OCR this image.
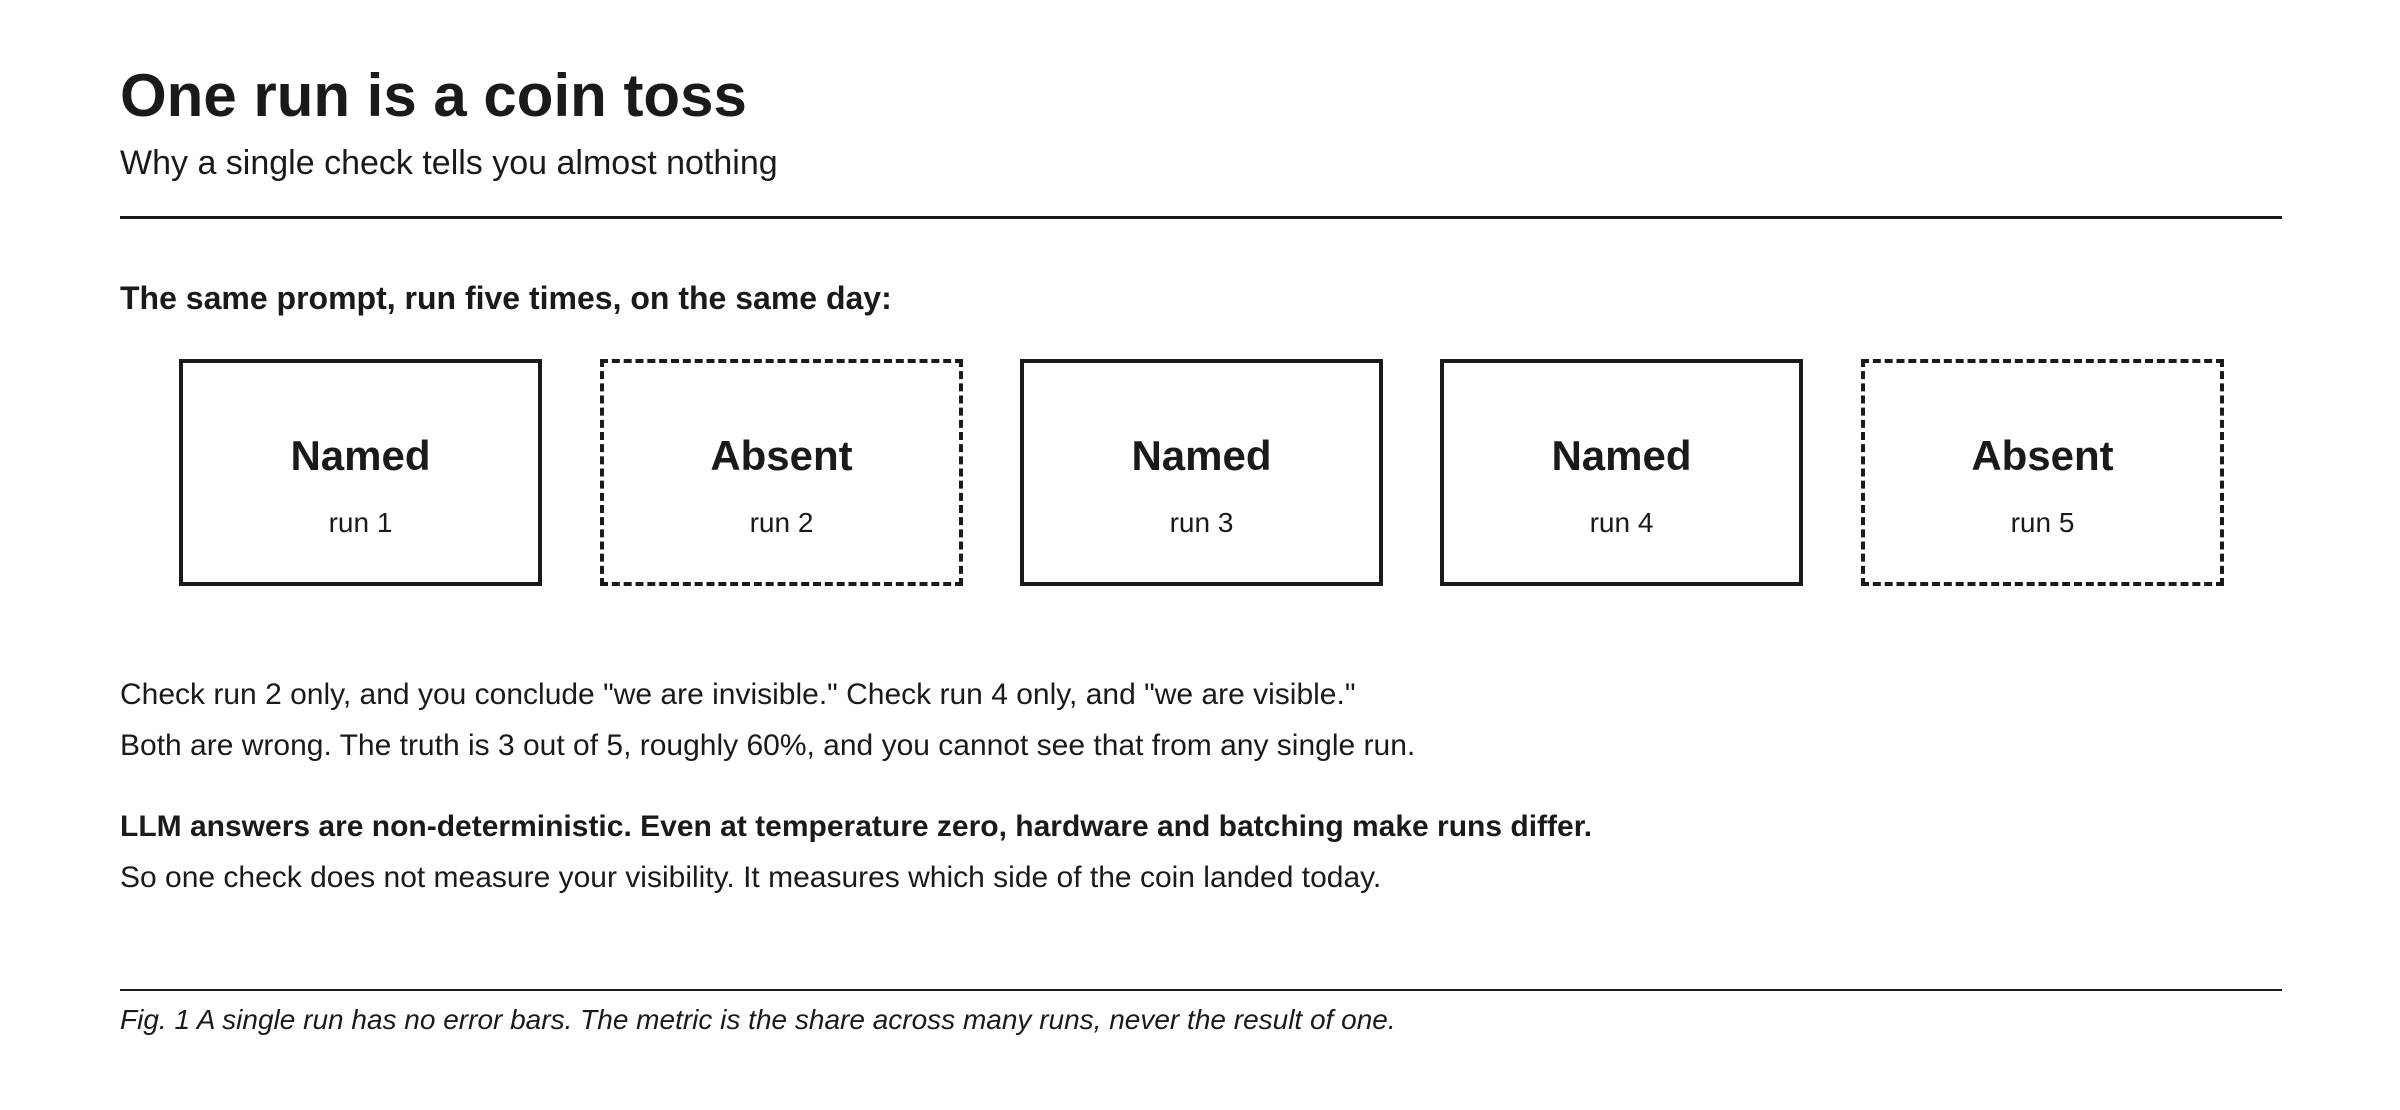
One run is a coin toss

Why a single check tells you almost nothing

The same prompt, run five times, on the same day:

Named
run 1
Absent
run 2
Named
run 3
Named
run 4
Absent
run 5

Check run 2 only, and you conclude "we are invisible." Check run 4 only, and "we are visible."

Both are wrong. The truth is 3 out of 5, roughly 60%, and you cannot see that from any single run.

LLM answers are non-deterministic. Even at temperature zero, hardware and batching make runs differ.

So one check does not measure your visibility. It measures which side of the coin landed today.

Fig. 1 A single run has no error bars. The metric is the share across many runs, never the result of one.
